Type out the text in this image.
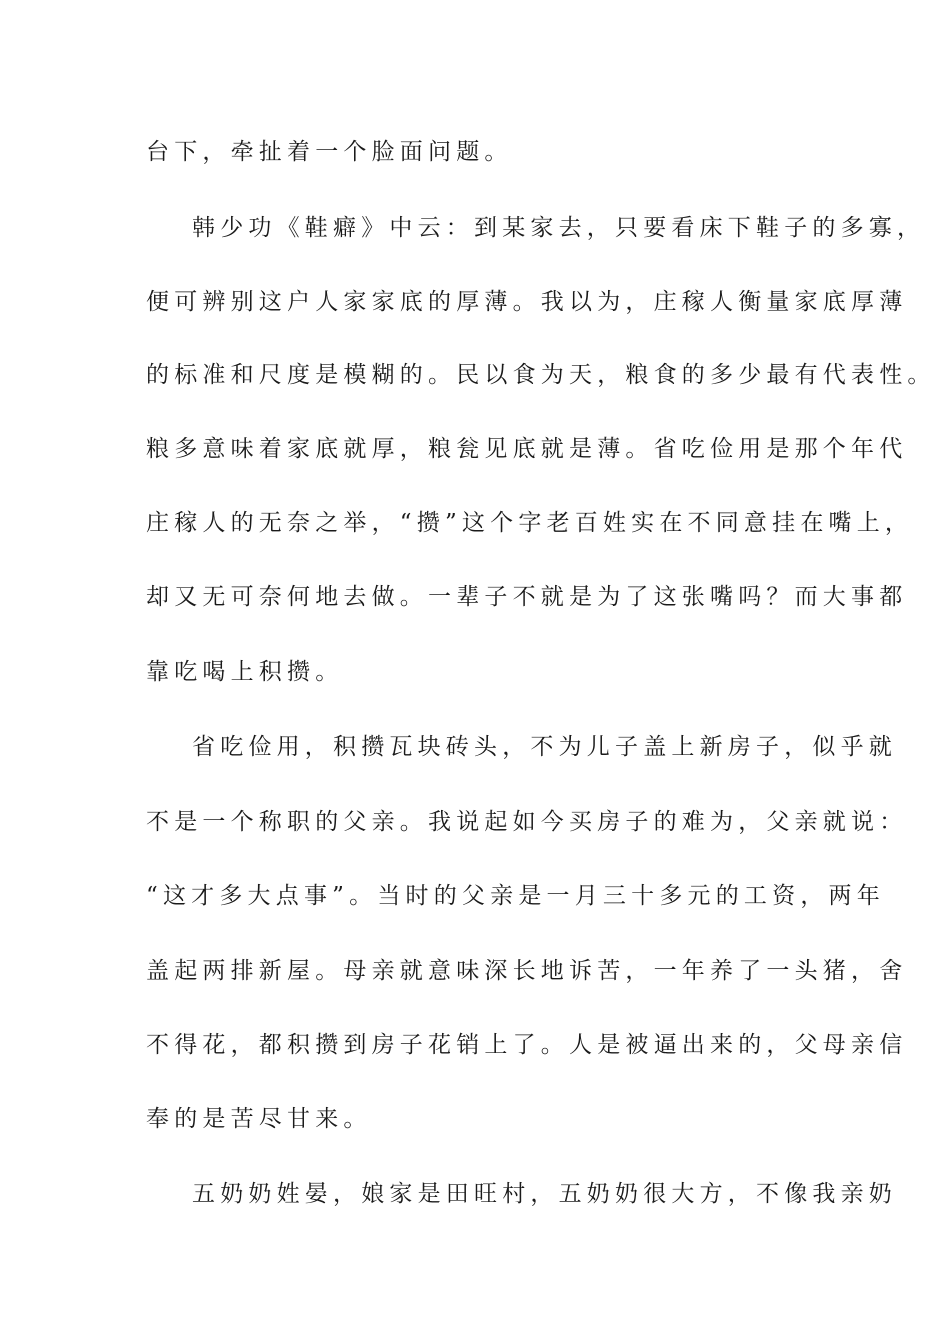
台下，牵扯着一个脸面问题。
韩少功《鞋癖》中云：到某家去，只要看床下鞋子的多寡，
便可辨别这户人家家底的厚薄。我以为，庄稼人衡量家底厚薄
的标准和尺度是模糊的。民以食为天，粮食的多少最有代表性。
粮多意味着家底就厚，粮瓮见底就是薄。省吃俭用是那个年代
庄稼人的无奈之举，“攒”这个字老百姓实在不同意挂在嘴上，
却又无可奈何地去做。一辈子不就是为了这张嘴吗？而大事都
靠吃喝上积攒。
省吃俭用，积攒瓦块砖头，不为儿子盖上新房子，似乎就
不是一个称职的父亲。我说起如今买房子的难为，父亲就说：
“这才多大点事”。当时的父亲是一月三十多元的工资，两年
盖起两排新屋。母亲就意味深长地诉苦，一年养了一头猪，舍
不得花，都积攒到房子花销上了。人是被逼出来的，父母亲信
奉的是苦尽甘来。
五奶奶姓晏，娘家是田旺村，五奶奶很大方，不像我亲奶
